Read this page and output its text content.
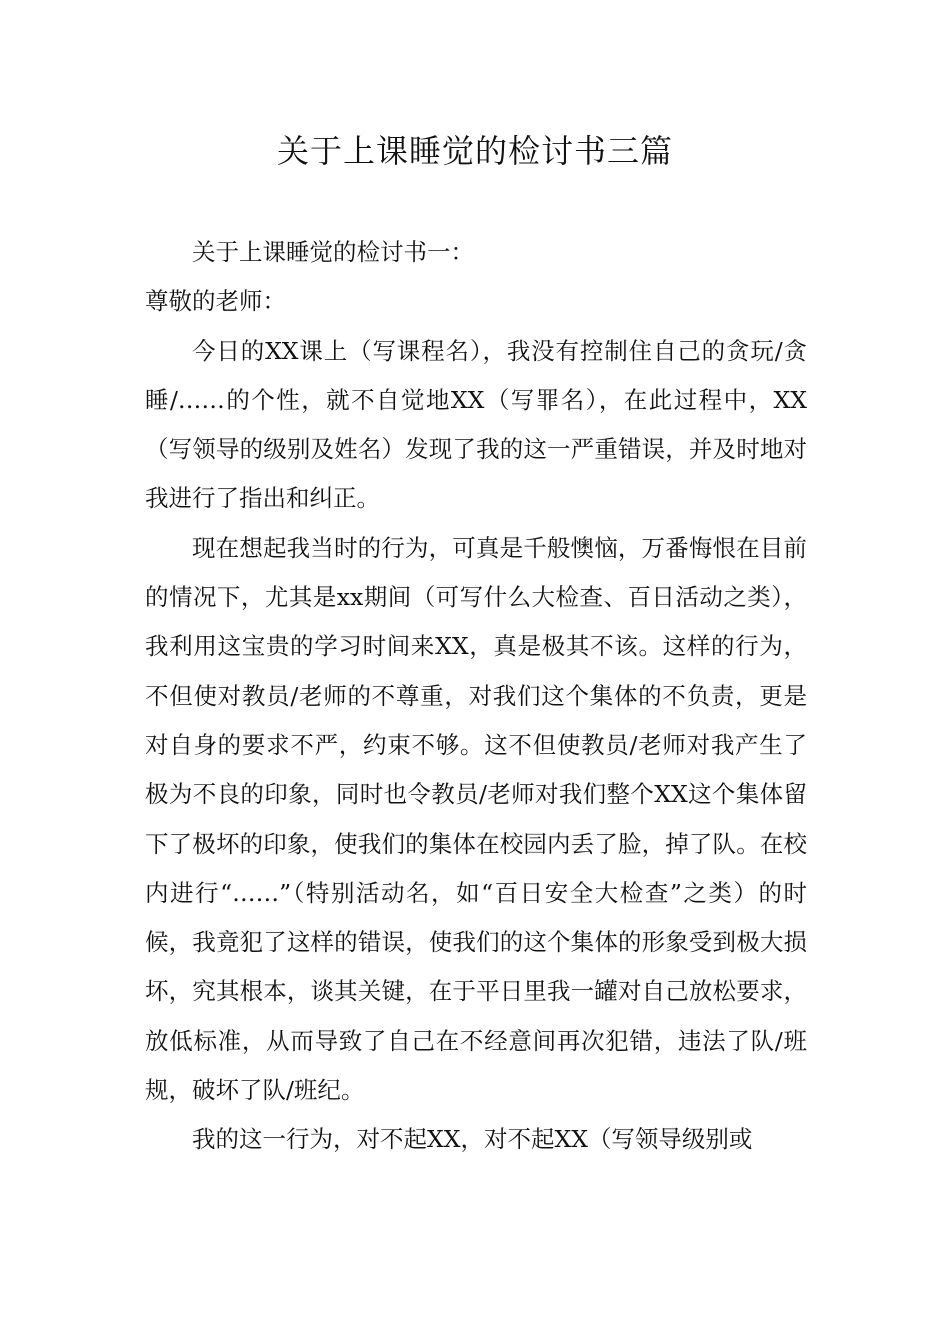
关于上课睡觉的检讨书三篇

关于上课睡觉的检讨书一：

尊敬的老师：

今日的XX课上（写课程名），我没有控制住自己的贪玩/贪睡/……的个性，就不自觉地XX（写罪名），在此过程中，XX（写领导的级别及姓名）发现了我的这一严重错误，并及时地对我进行了指出和纠正。

现在想起我当时的行为，可真是千般懊恼，万番悔恨在目前的情况下，尤其是xx期间（可写什么大检查、百日活动之类），我利用这宝贵的学习时间来XX，真是极其不该。这样的行为，不但使对教员/老师的不尊重，对我们这个集体的不负责，更是对自身的要求不严，约束不够。这不但使教员/老师对我产生了极为不良的印象，同时也令教员/老师对我们整个XX这个集体留下了极坏的印象，使我们的集体在校园内丢了脸，掉了队。在校内进行“……”（特别活动名，如“百日安全大检查”之类）的时候，我竟犯了这样的错误，使我们的这个集体的形象受到极大损坏，究其根本，谈其关键，在于平日里我一罐对自己放松要求，放低标准，从而导致了自己在不经意间再次犯错，违法了队/班规，破坏了队/班纪。

我的这一行为，对不起XX，对不起XX（写领导级别或
